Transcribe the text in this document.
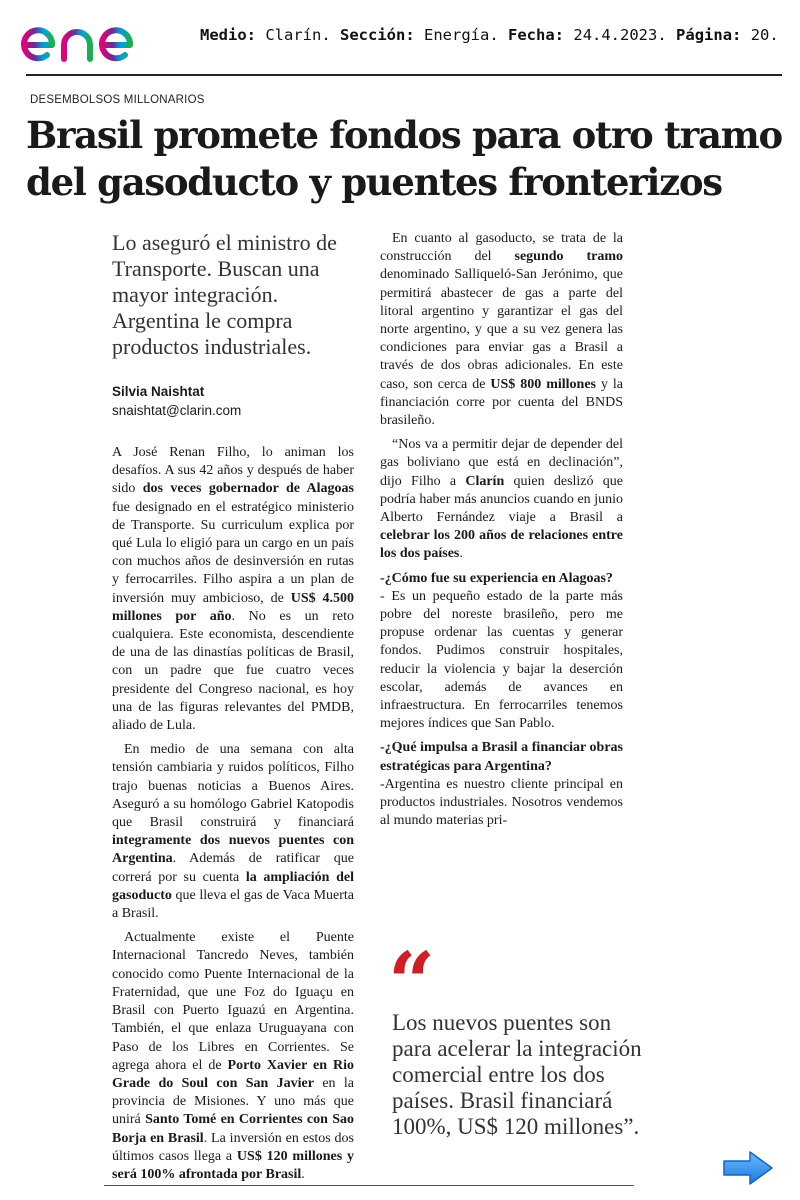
Medio: Clarín. Sección: Energía. Fecha: 24.4.2023. Página: 20.
DESEMBOLSOS MILLONARIOS
Brasil promete fondos para otro tramo
del gasoducto y puentes fronterizos

Lo aseguró el ministro de Transporte. Buscan una mayor integración. Argentina le compra productos industriales.

Silvia Naishtat

snaishtat@clarin.com

A José Renan Filho, lo animan los desafíos. A sus 42 años y después de haber sido dos veces gobernador de Alagoas fue designado en el estratégico ministerio de Transporte. Su curriculum explica por qué Lula lo eligió para un cargo en un país con muchos años de desinversión en rutas y ferrocarriles. Filho aspira a un plan de inversión muy ambicioso, de US$ 4.500 millones por año. No es un reto cualquiera. Este economista, descendiente de una de las dinastías políticas de Brasil, con un padre que fue cuatro veces presidente del Congreso nacional, es hoy una de las figuras relevantes del PMDB, aliado de Lula.

En medio de una semana con alta tensión cambiaria y ruidos políticos, Filho trajo buenas noticias a Buenos Aires. Aseguró a su homólogo Gabriel Katopodis que Brasil construirá y financiará integramente dos nuevos puentes con Argentina. Además de ratificar que correrá por su cuenta la ampliación del gasoducto que lleva el gas de Vaca Muerta a Brasil.

Actualmente existe el Puente Internacional Tancredo Neves, también conocido como Puente Internacional de la Fraternidad, que une Foz do Iguaçu en Brasil con Puerto Iguazú en Argentina. También, el que enlaza Uruguayana con Paso de los Libres en Corrientes. Se agrega ahora el de Porto Xavier en Rio Grade do Soul con San Javier en la provincia de Misiones. Y uno más que unirá Santo Tomé en Corrientes con Sao Borja en Brasil. La inversión en estos dos últimos casos llega a US$ 120 millones y será 100% afrontada por Brasil.

En cuanto al gasoducto, se trata de la construcción del segundo tramo denominado Salliqueló-San Jerónimo, que permitirá abastecer de gas a parte del litoral argentino y garantizar el gas del norte argentino, y que a su vez genera las condiciones para enviar gas a Brasil a través de dos obras adicionales. En este caso, son cerca de US$ 800 millones y la financiación corre por cuenta del BNDS brasileño.

“Nos va a permitir dejar de depender del gas boliviano que está en declinación”, dijo Filho a Clarín quien deslizó que podría haber más anuncios cuando en junio Alberto Fernández viaje a Brasil a celebrar los 200 años de relaciones entre los dos países.

-¿Cómo fue su experiencia en Alagoas?

- Es un pequeño estado de la parte más pobre del noreste brasileño, pero me propuse ordenar las cuentas y generar fondos. Pudimos construir hospitales, reducir la violencia y bajar la deserción escolar, además de avances en infraestructura. En ferrocarriles tenemos mejores índices que San Pablo.

-¿Qué impulsa a Brasil a financiar obras estratégicas para Argentina?

-Argentina es nuestro cliente principal en productos industriales. Nosotros vendemos al mundo materias pri-

“

Los nuevos puentes son para acelerar la integración comercial entre los dos países. Brasil financiará 100%, US$ 120 millones”.
